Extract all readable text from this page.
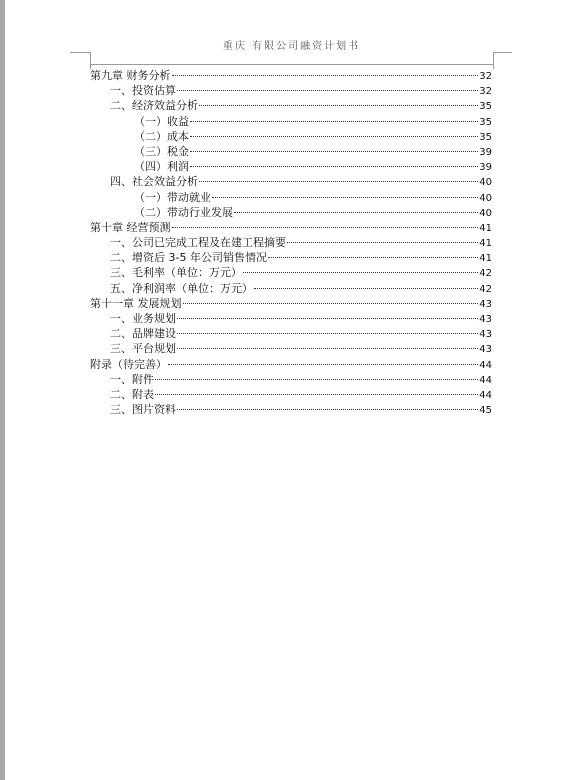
重庆 有限公司融资计划书
第九章 财务分析	32
一、投资估算	32
二、经济效益分析	35
（一）收益	35
（二）成本	35
（三）税金	39
（四）利润	39
四、社会效益分析	40
（一）带动就业	40
（二）带动行业发展	40
第十章 经营预测	41
一、公司已完成工程及在建工程摘要	41
二、增资后 3-5 年公司销售情况	41
三、毛利率（单位：万元）	42
五、净利润率（单位：万元）	42
第十一章 发展规划	43
一、业务规划	43
二、品牌建设	43
三、平台规划	43
附录（待完善）	44
一、附件	44
二、附表	44
三、图片资料	45
